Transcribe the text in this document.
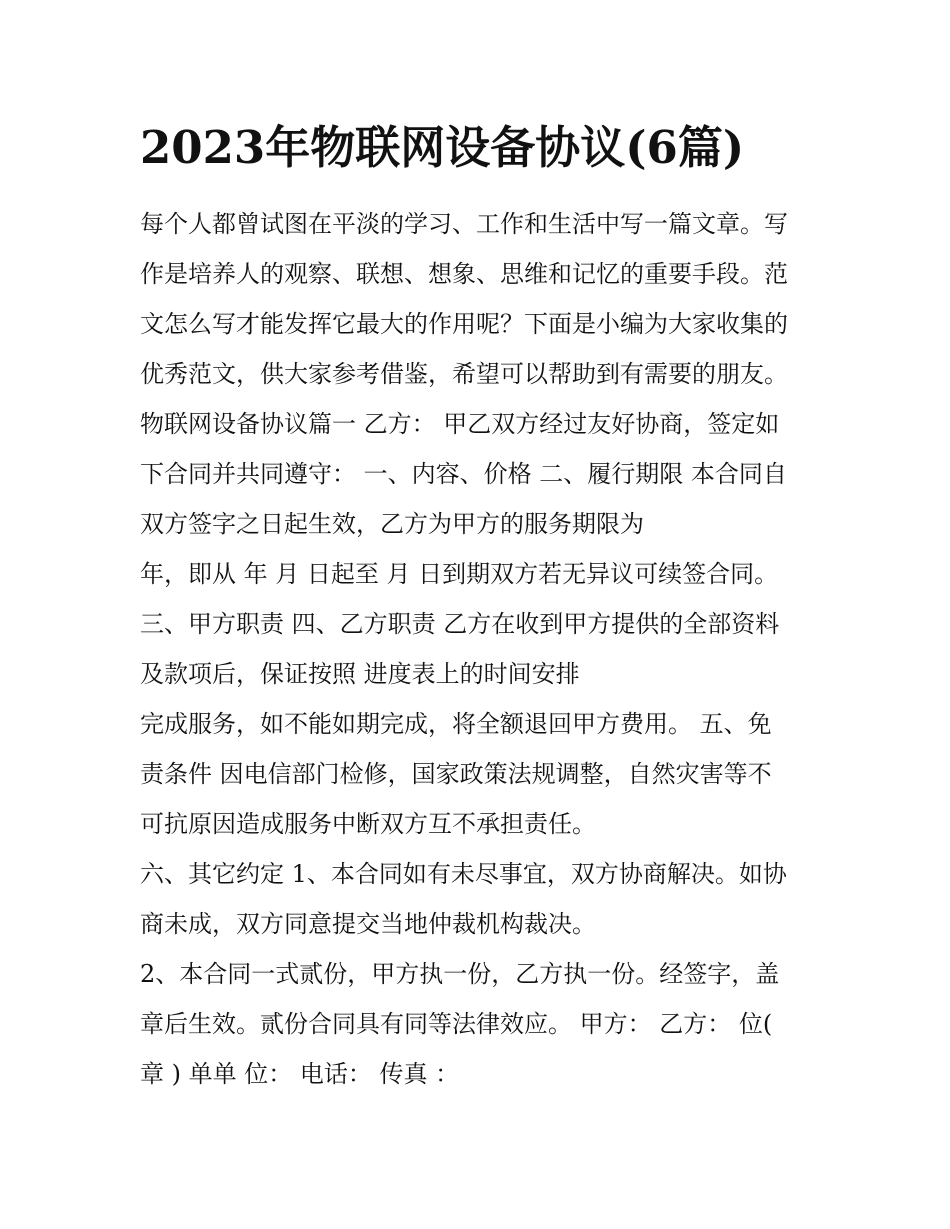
2023年物联网设备协议(6篇)

每个人都曾试图在平淡的学习、工作和生活中写一篇文章。写

作是培养人的观察、联想、想象、思维和记忆的重要手段。范

文怎么写才能发挥它最大的作用呢？下面是小编为大家收集的

优秀范文，供大家参考借鉴，希望可以帮助到有需要的朋友。

物联网设备协议篇一 乙方： 甲乙双方经过友好协商，签定如

下合同并共同遵守： 一、内容、价格 二、履行期限 本合同自

双方签字之日起生效，乙方为甲方的服务期限为

年，即从 年 月 日起至 月 日到期双方若无异议可续签合同。

三、甲方职责 四、乙方职责 乙方在收到甲方提供的全部资料

及款项后，保证按照 进度表上的时间安排

完成服务，如不能如期完成，将全额退回甲方费用。 五、免

责条件 因电信部门检修，国家政策法规调整，自然灾害等不

可抗原因造成服务中断双方互不承担责任。

六、其它约定 1、本合同如有未尽事宜，双方协商解决。如协

商未成，双方同意提交当地仲裁机构裁决。

2、本合同一式贰份，甲方执一份，乙方执一份。经签字，盖

章后生效。贰份合同具有同等法律效应。 甲方： 乙方： 位(

章 ) 单单 位： 电话： 传真 ：
